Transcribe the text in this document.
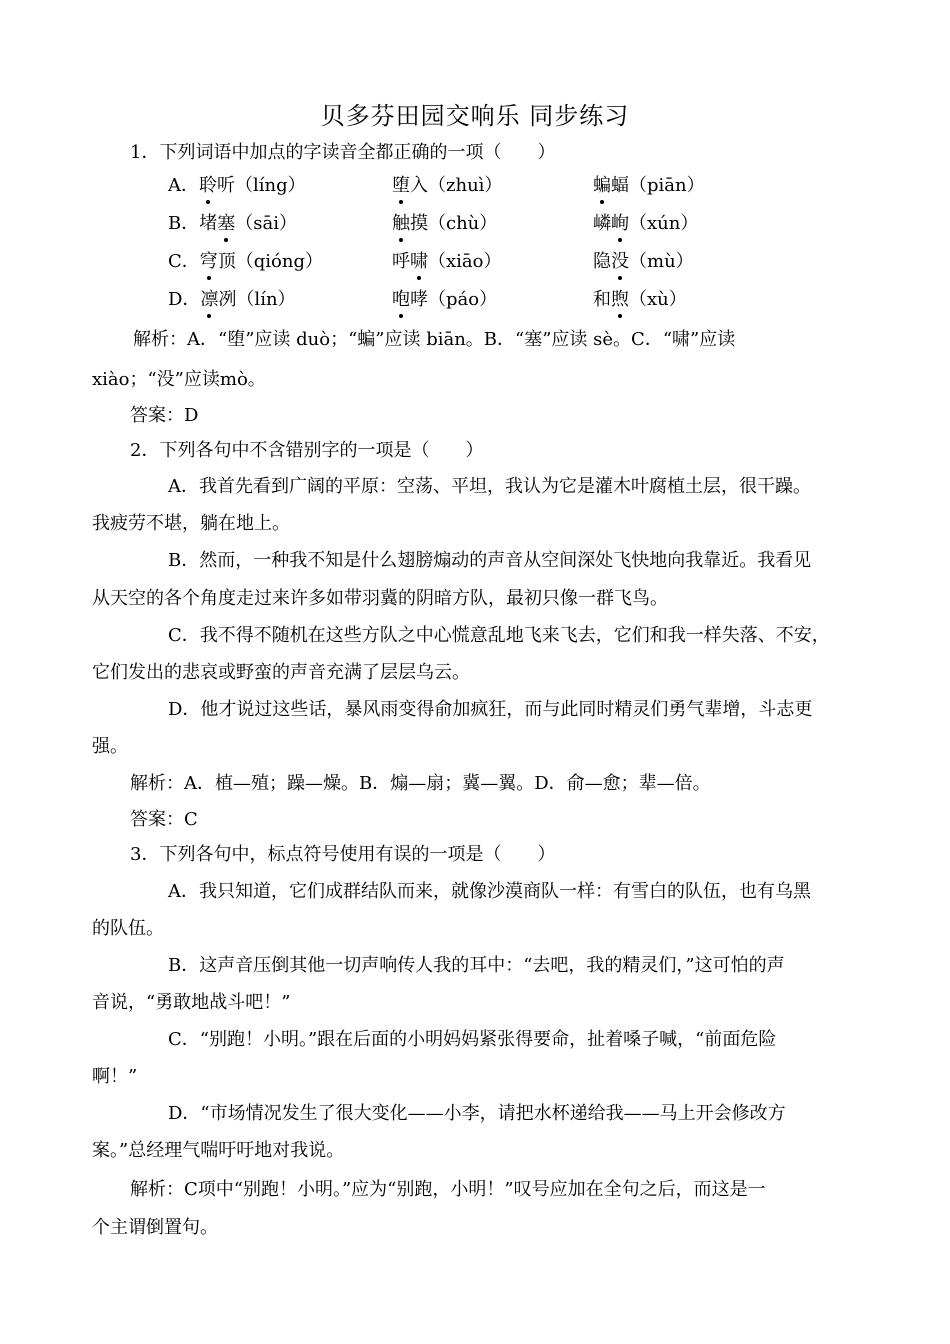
贝多芬田园交响乐 同步练习
1．下列词语中加点的字读音全都正确的一项（　　）
A．聆听（líng）	堕入（zhuì）	蝙蝠（piān）
B．堵塞（sāi）	触摸（chù）	嶙峋（xún）
C．穹顶（qióng）	呼啸（xiāo）	隐没（mù）
D．凛冽（lín）	咆哮（páo）	和煦（xù）
解析：A．“堕”应读 duò；“蝙”应读 biān。B．“塞”应读 sè。C．“啸”应读
xiào；“没”应读mò。
答案：D
2．下列各句中不含错别字的一项是（　　）
A．我首先看到广阔的平原：空荡、平坦，我认为它是灌木叶腐植土层，很干躁。
我疲劳不堪，躺在地上。
B．然而，一种我不知是什么翅膀煽动的声音从空间深处飞快地向我靠近。我看见
从天空的各个角度走过来许多如带羽冀的阴暗方队，最初只像一群飞鸟。
C．我不得不随机在这些方队之中心慌意乱地飞来飞去，它们和我一样失落、不安，
它们发出的悲哀或野蛮的声音充满了层层乌云。
D．他才说过这些话，暴风雨变得俞加疯狂，而与此同时精灵们勇气辈增，斗志更
强。
解析：A．植—殖；躁—燥。B．煽—扇；冀—翼。D．俞—愈；辈—倍。
答案：C
3．下列各句中，标点符号使用有误的一项是（　　）
A．我只知道，它们成群结队而来，就像沙漠商队一样：有雪白的队伍，也有乌黑
的队伍。
B．这声音压倒其他一切声响传人我的耳中：“去吧，我的精灵们，”这可怕的声
音说，“勇敢地战斗吧！”
C．“别跑！小明。”跟在后面的小明妈妈紧张得要命，扯着嗓子喊，“前面危险
啊！”
D．“市场情况发生了很大变化——小李，请把水杯递给我——马上开会修改方
案。”总经理气喘吁吁地对我说。
解析：C项中“别跑！小明。”应为“别跑，小明！”叹号应加在全句之后，而这是一
个主谓倒置句。
